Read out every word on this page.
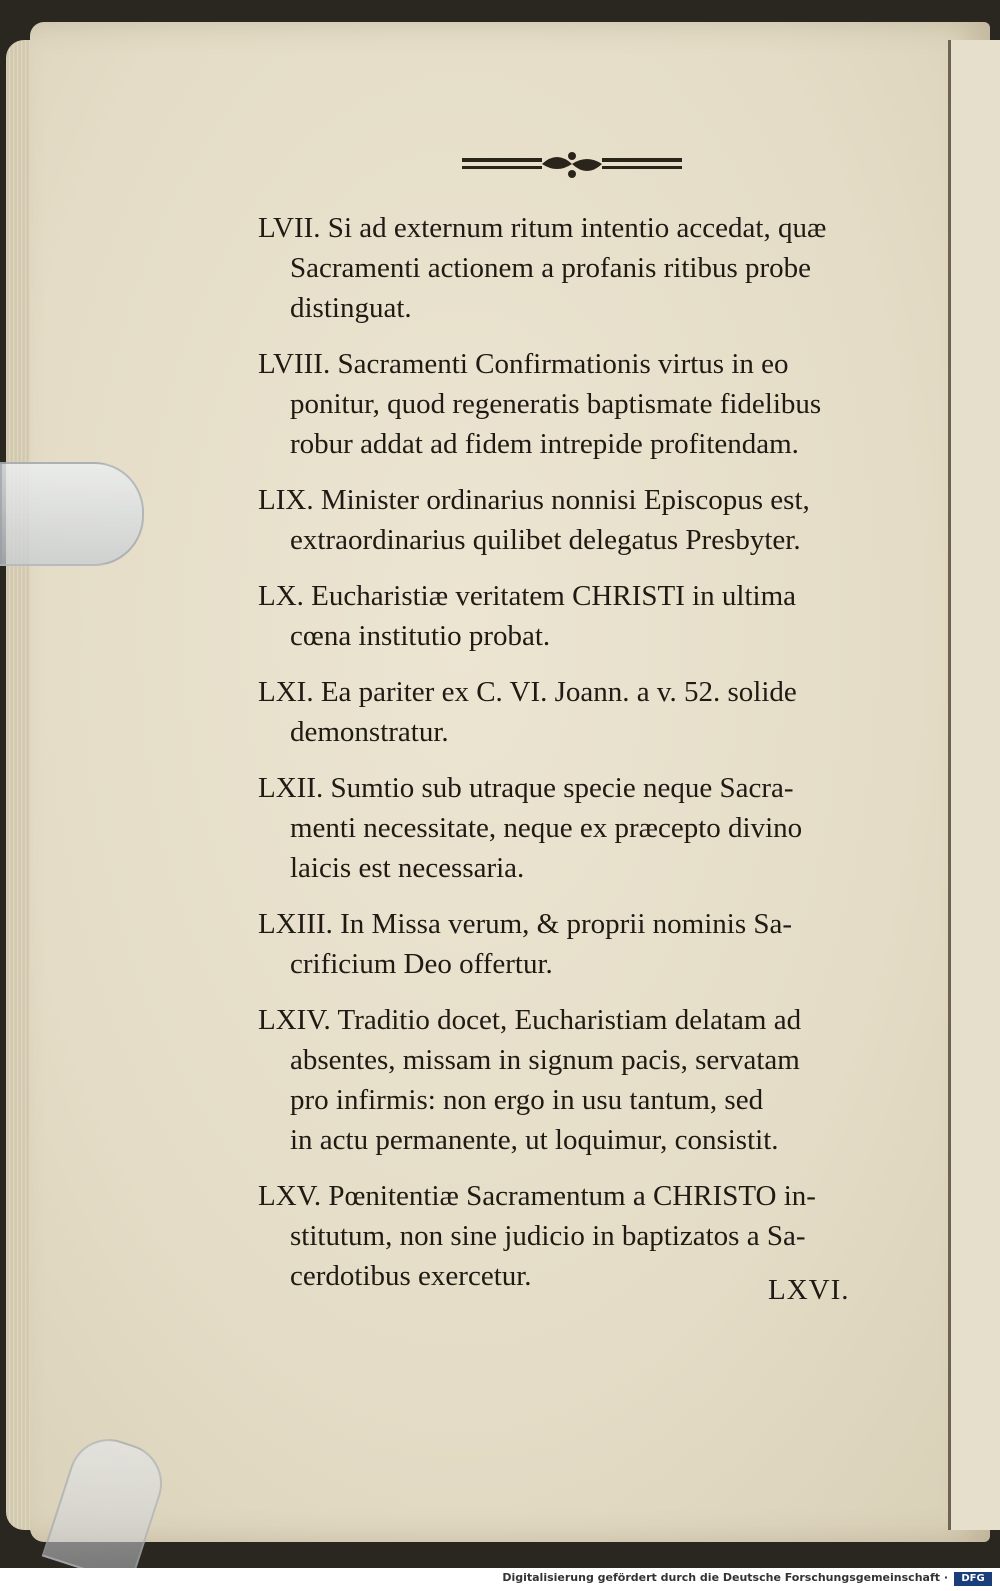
LVII. Si ad externum ritum intentio accedat, quæ
Sacramenti actionem a profanis ritibus probe
distinguat.
LVIII. Sacramenti Confirmationis virtus in eo
ponitur, quod regeneratis baptismate fidelibus
robur addat ad fidem intrepide profitendam.
LIX. Minister ordinarius nonnisi Episcopus est,
extraordinarius quilibet delegatus Presbyter.
LX. Eucharistiæ veritatem CHRISTI in ultima
cœna institutio probat.
LXI. Ea pariter ex C. VI. Joann. a v. 52. solide
demonstratur.
LXII. Sumtio sub utraque specie neque Sacra-
menti necessitate, neque ex præcepto divino
laicis est necessaria.
LXIII. In Missa verum, & proprii nominis Sa-
crificium Deo offertur.
LXIV. Traditio docet, Eucharistiam delatam ad
absentes, missam in signum pacis, servatam
pro infirmis: non ergo in usu tantum, sed
in actu permanente, ut loquimur, consistit.
LXV. Pœnitentiæ Sacramentum a CHRISTO in-
stitutum, non sine judicio in baptizatos a Sa-
cerdotibus exercetur.	LXVI.
Digitalisierung gefördert durch die Deutsche Forschungsgemeinschaft ·	DFG
